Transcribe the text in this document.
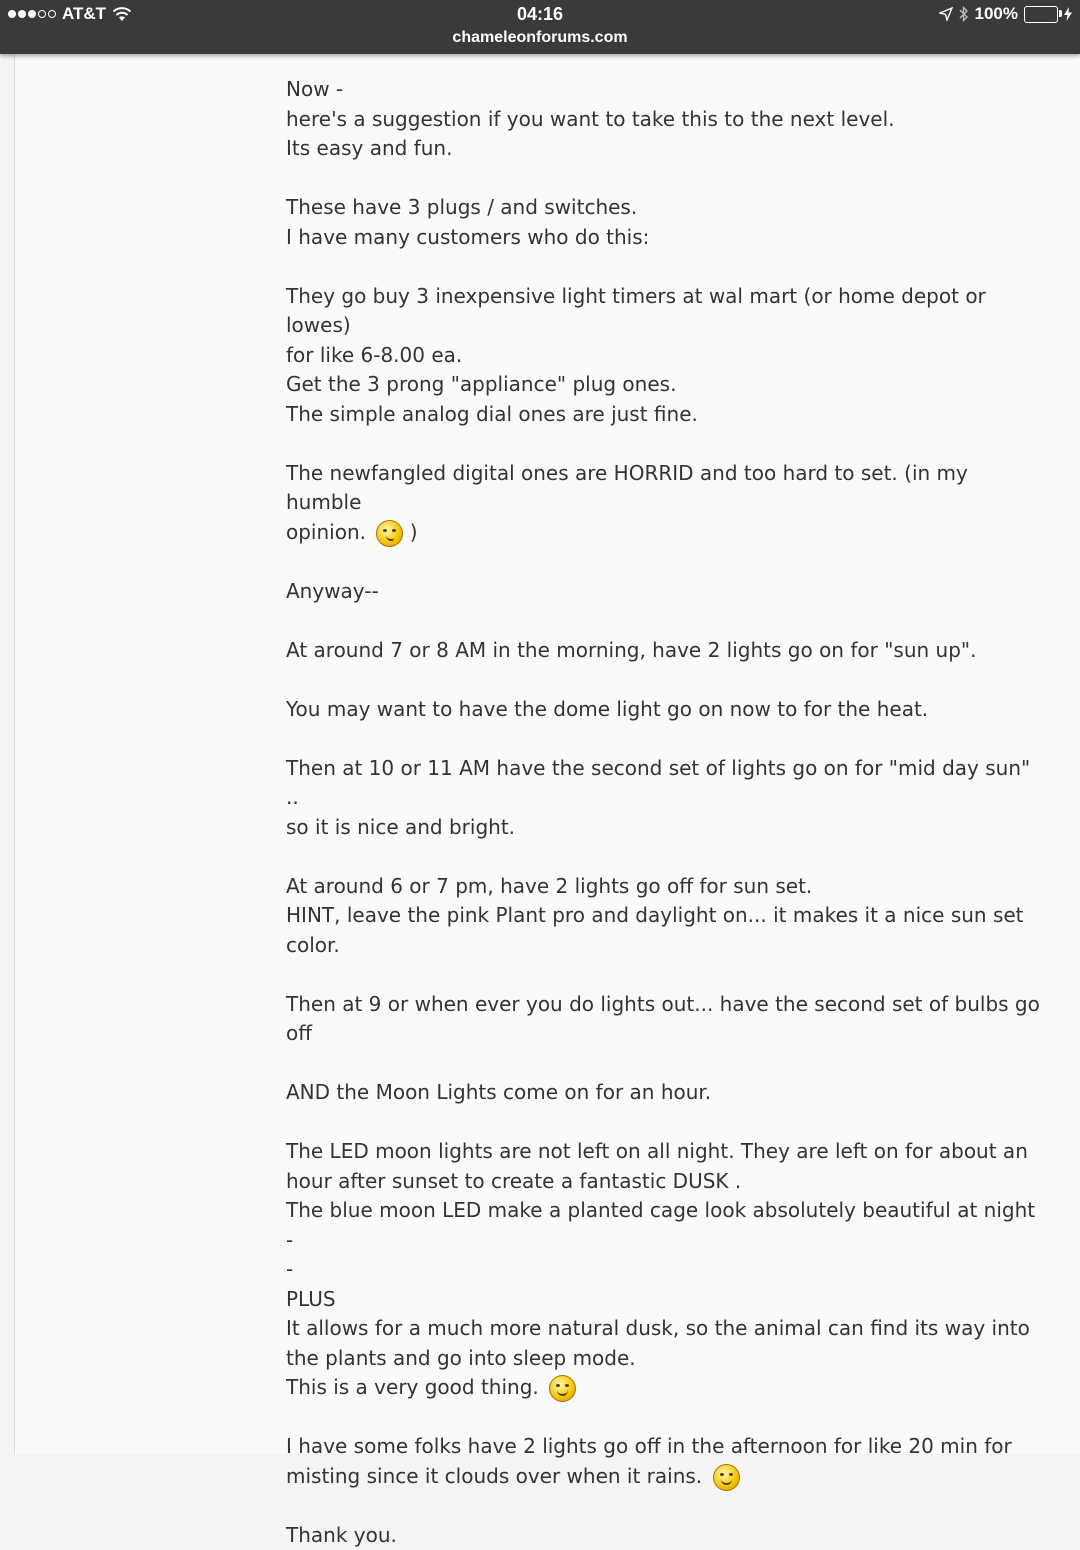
AT&T	04:16
chameleonforums.com
100%
Now -
here's a suggestion if you want to take this to the next level.
Its easy and fun.
These have 3 plugs / and switches.
I have many customers who do this:
They go buy 3 inexpensive light timers at wal mart (or home depot or lowes)
for like 6-8.00 ea.
Get the 3 prong "appliance" plug ones.
The simple analog dial ones are just fine.
The newfangled digital ones are HORRID and too hard to set. (in my humble
opinion. )
Anyway--
At around 7 or 8 AM in the morning, have 2 lights go on for "sun up".
You may want to have the dome light go on now to for the heat.
Then at 10 or 11 AM have the second set of lights go on for "mid day sun" ..
so it is nice and bright.
At around 6 or 7 pm, have 2 lights go off for sun set.
HINT, leave the pink Plant pro and daylight on... it makes it a nice sun set
color.
Then at 9 or when ever you do lights out... have the second set of bulbs go
off
AND the Moon Lights come on for an hour.
The LED moon lights are not left on all night. They are left on for about an
hour after sunset to create a fantastic DUSK .
The blue moon LED make a planted cage look absolutely beautiful at night -
-
PLUS
It allows for a much more natural dusk, so the animal can find its way into
the plants and go into sleep mode.
This is a very good thing.
I have some folks have 2 lights go off in the afternoon for like 20 min for
misting since it clouds over when it rains.
Thank you.
